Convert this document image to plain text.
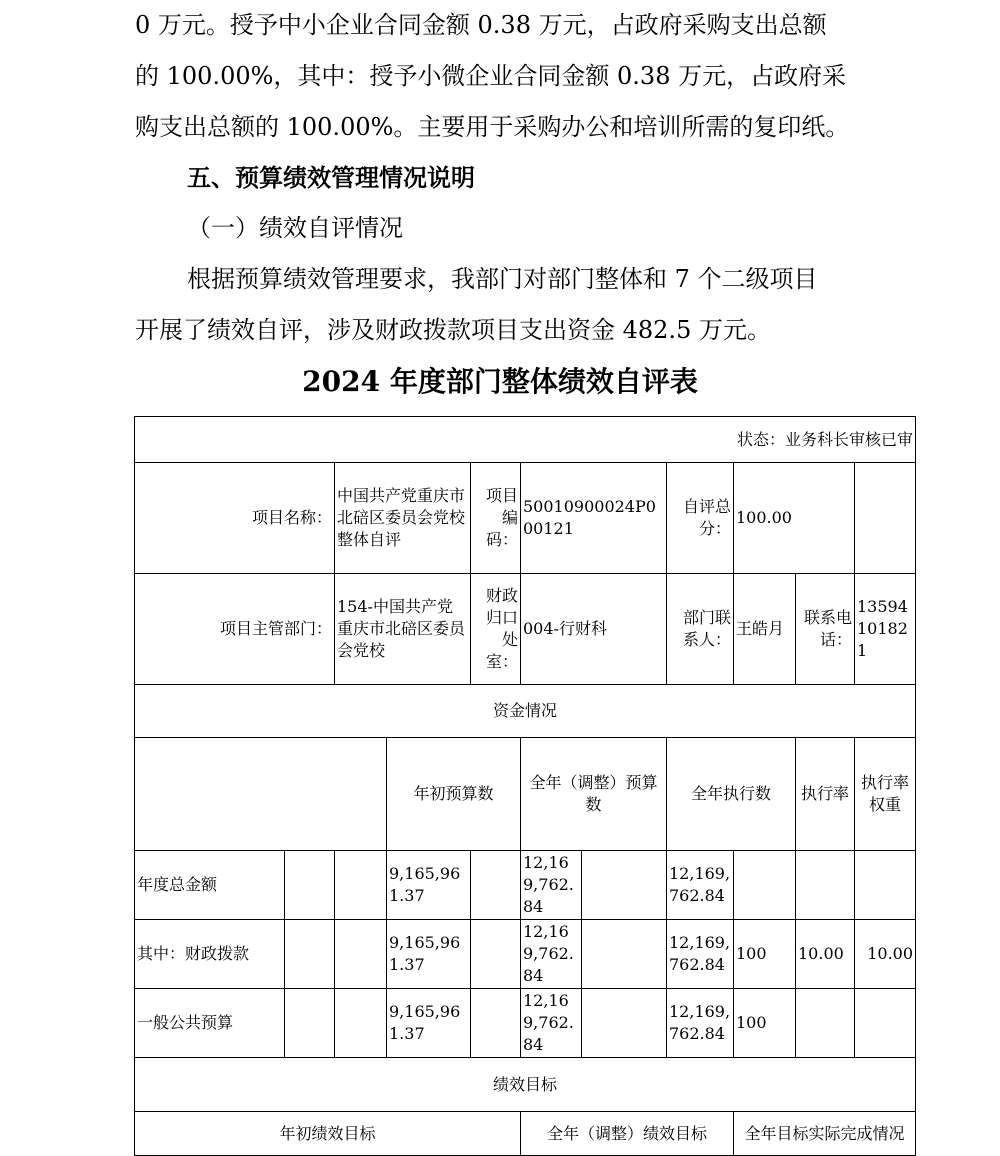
0 万元。授予中小企业合同金额 0.38 万元，占政府采购支出总额

的 100.00%，其中：授予小微企业合同金额 0.38 万元，占政府采

购支出总额的 100.00%。主要用于采购办公和培训所需的复印纸。

五、预算绩效管理情况说明

（一）绩效自评情况

根据预算绩效管理要求，我部门对部门整体和 7 个二级项目

开展了绩效自评，涉及财政拨款项目支出资金 482.5 万元。

2024 年度部门整体绩效自评表
状态：业务科长审核已审											
项目名称：		中国共产党重庆市北碚区委员会党校整体自评		项目编码：	50010900024P000121		自评总分：	100.00			
项目主管部门：		154-中国共产党重庆市北碚区委员会党校		财政归口处室：	004-行财科		部门联系人：	王皓月	联系电话：	13594101821	
资金情况											
			年初预算数		全年（调整）预算数		全年执行数		执行率	执行率权重	
年度总金额			9,165,961.37		12,169,762.84		12,169,762.84				
其中：财政拨款			9,165,961.37		12,169,762.84		12,169,762.84	100	10.00	10.00	
一般公共预算			9,165,961.37		12,169,762.84		12,169,762.84	100			
绩效目标											
年初绩效目标					全年（调整）绩效目标			全年目标实际完成情况			
